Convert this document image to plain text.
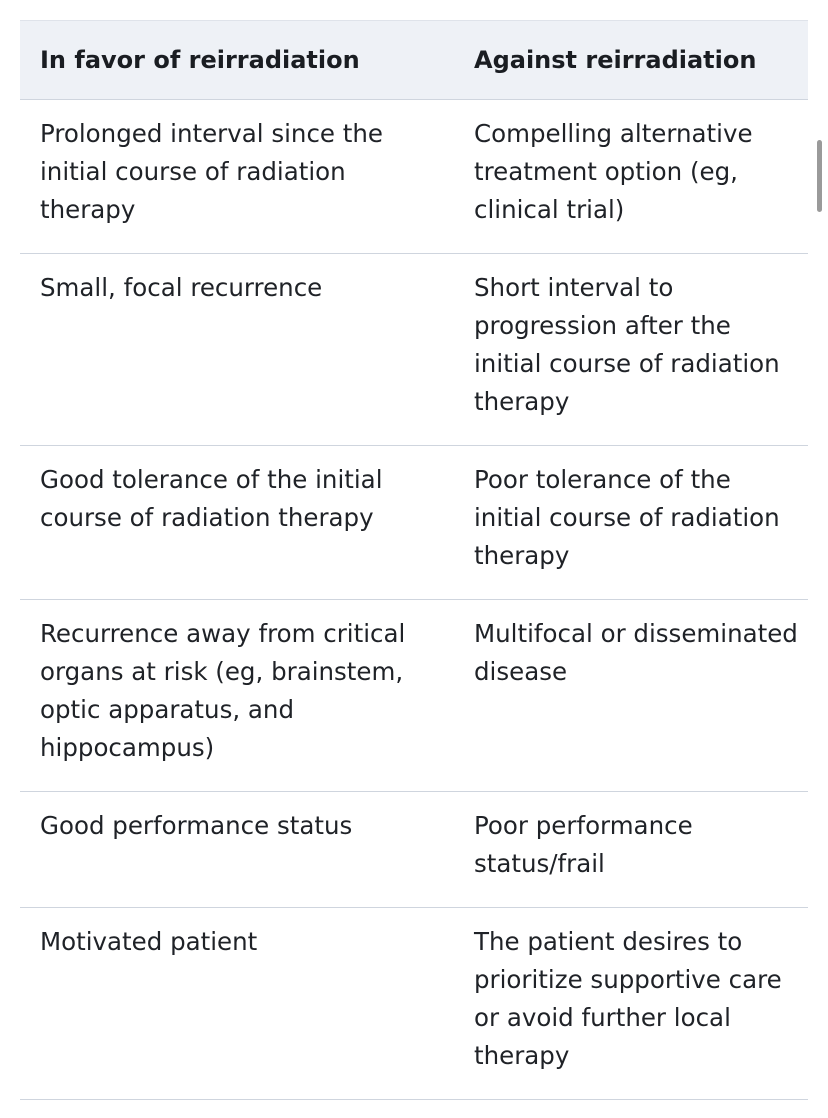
In favor of reirradiation	Against reirradiation
Prolonged interval since the initial course of radiation therapy	Compelling alternative treatment option (eg, clinical trial)
Small, focal recurrence	Short interval to progression after the initial course of radiation therapy
Good tolerance of the initial course of radiation therapy	Poor tolerance of the initial course of radiation therapy
Recurrence away from critical organs at risk (eg, brainstem, optic apparatus, and hippocampus)	Multifocal or disseminated disease
Good performance status	Poor performance status/frail
Motivated patient	The patient desires to prioritize supportive care or avoid further local therapy
